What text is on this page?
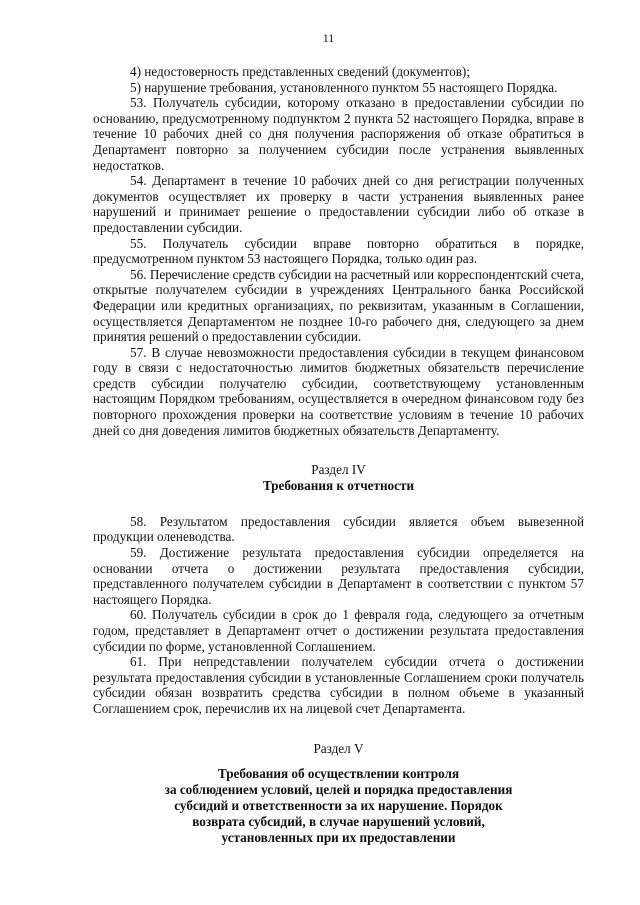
11

4) недостоверность представленных сведений (документов);

5) нарушение требования, установленного пунктом 55 настоящего Порядка.

53. Получатель субсидии, которому отказано в предоставлении субсидии по основанию, предусмотренному подпунктом 2 пункта 52 настоящего Порядка, вправе в течение 10 рабочих дней со дня получения распоряжения об отказе обратиться в Департамент повторно за получением субсидии после устранения выявленных недостатков.

54. Департамент в течение 10 рабочих дней со дня регистрации полученных документов осуществляет их проверку в части устранения выявленных ранее нарушений и принимает решение о предоставлении субсидии либо об отказе в предоставлении субсидии.

55. Получатель субсидии вправе повторно обратиться в порядке, предусмотренном пунктом 53 настоящего Порядка, только один раз.

56. Перечисление средств субсидии на расчетный или корреспондентский счета, открытые получателем субсидии в учреждениях Центрального банка Российской Федерации или кредитных организациях, по реквизитам, указанным в Соглашении, осуществляется Департаментом не позднее 10-го рабочего дня, следующего за днем принятия решений о предоставлении субсидии.

57. В случае невозможности предоставления субсидии в текущем финансовом году в связи с недостаточностью лимитов бюджетных обязательств перечисление средств субсидии получателю субсидии, соответствующему установленным настоящим Порядком требованиям, осуществляется в очередном финансовом году без повторного прохождения проверки на соответствие условиям в течение 10 рабочих дней со дня доведения лимитов бюджетных обязательств Департаменту.

Раздел IV
Требования к отчетности

58. Результатом предоставления субсидии является объем вывезенной продукции оленеводства.

59. Достижение результата предоставления субсидии определяется на основании отчета о достижении результата предоставления субсидии, представленного получателем субсидии в Департамент в соответствии с пунктом 57 настоящего Порядка.

60. Получатель субсидии в срок до 1 февраля года, следующего за отчетным годом, представляет в Департамент отчет о достижении результата предоставления субсидии по форме, установленной Соглашением.

61. При непредставлении получателем субсидии отчета о достижении результата предоставления субсидии в установленные Соглашением сроки получатель субсидии обязан возвратить средства субсидии в полном объеме в указанный Соглашением срок, перечислив их на лицевой счет Департамента.

Раздел V
Требования об осуществлении контроля
за соблюдением условий, целей и порядка предоставления
субсидий и ответственности за их нарушение. Порядок
возврата субсидий, в случае нарушений условий,
установленных при их предоставлении
